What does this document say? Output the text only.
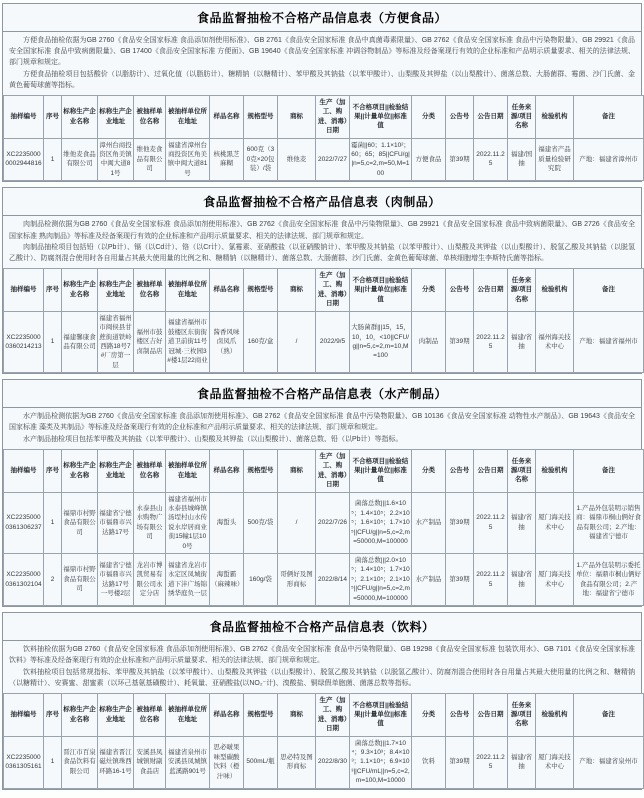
食品监督抽检不合格产品信息表（方便食品）

方便食品抽检依据为GB 2760《食品安全国家标准 食品添加剂使用标准》、GB 2761《食品安全国家标准 食品中真菌毒素限量》、GB 2762《食品安全国家标准 食品中污染物限量》、GB 29921《食品安全国家标准 食品中致病菌限量》、GB 17400《食品安全国家标准 方便面》、GB 19640《食品安全国家标准 冲调谷物制品》等标准及经备案现行有效的企业标准和产品明示质量要求、相关的法律法规、部门规章和规定。

方便食品抽检项目包括酸价（以脂肪计）、过氧化值（以脂肪计）、糖精钠（以糖精计）、苯甲酸及其钠盐（以苯甲酸计）、山梨酸及其钾盐（以山梨酸计）、菌落总数、大肠菌群、霉菌、沙门氏菌、金黄色葡萄球菌等指标。

抽样编号	序号	标称生产企业名称	标称生产企业地址	被抽样单位名称	被抽样单位所在地址	样品名称	规格型号	商标	生产（加工、购进、消毒）日期	不合格项目||检验结果||计量单位||标准值	分类	公告号	公告日期	任务来源/项目名称	检验机构	备注
XC22350000002944816	1	维他麦食品有限公司	漳州台商投资区角美镇中闽大道81号	维他麦食品有限公司	福建省漳州台商投资区角美镇中闽大道81号	核桃黑芝麻糊	600克（30克×20包装）/袋	维他麦	2022/7/27	霉菌||60；1.1×10²；60；65；85||CFU/g||n=5,c=2,m=50,M=100	方便食品	第39期	2022.11.25	福建/国抽	福建省产品质量检验研究院	产地：福建省漳州市
食品监督抽检不合格产品信息表（肉制品）

肉制品检测依据为GB 2760《食品安全国家标准 食品添加剂使用标准》、GB 2762《食品安全国家标准 食品中污染物限量》、GB 29921《食品安全国家标准 食品中致病菌限量》、GB 2726《食品安全国家标准 熟肉制品》等标准及经备案现行有效的企业标准和产品明示质量要求、相关的法律法规、部门规章和规定。

肉制品抽检项目包括铅（以Pb计）、镉（以Cd计）、铬（以Cr计）、氯霉素、亚硝酸盐（以亚硝酸钠计）、苯甲酸及其钠盐（以苯甲酸计）、山梨酸及其钾盐（以山梨酸计）、脱氢乙酸及其钠盐（以脱氢乙酸计）、防腐剂混合使用时各自用量占其最大使用量的比例之和、糖精钠（以糖精计）、菌落总数、大肠菌群、沙门氏菌、金黄色葡萄球菌、单核细胞增生李斯特氏菌等指标。

抽样编号	序号	标称生产企业名称	标称生产企业地址	被抽样单位名称	被抽样单位所在地址	样品名称	规格型号	商标	生产（加工、购进、消毒）日期	不合格项目||检验结果||计量单位||标准值	分类	公告号	公告日期	任务来源/项目名称	检验机构	备注
XC22350000360214213	1	福建馨康食品有限公司	福建省福州市闽侯县甘蔗街道铁岭西路18号7#厂房第一层	福州市鼓楼区吉好卤制品店	福建省福州市鼓楼区东街街道卫前街11号冠城·三枚园3#楼1层22商业	酱香风味卤凤爪（熟）	160克/盒	/	2022/9/5	大肠菌群|||15，15，10，10，<10||CFU/g||n=5,c=2,m=10,M=100	肉制品	第39期	2022.11.25	福建/省抽	福州海关技术中心	产地：福建省福州市
食品监督抽检不合格产品信息表（水产制品）

水产制品检测依据为GB 2760《食品安全国家标准 食品添加剂使用标准》、GB 2762《食品安全国家标准 食品中污染物限量》、GB 10136《食品安全国家标准 动物性水产制品》、GB 19643《食品安全国家标准 藻类及其制品》等标准及经备案现行有效的企业标准和产品明示质量要求、相关的法律法规、部门规章和规定。

水产制品抽检项目包括苯甲酸及其钠盐（以苯甲酸计）、山梨酸及其钾盐（以山梨酸计）、菌落总数、铅（以Pb计）等指标。

抽样编号	序号	标称生产企业名称	标称生产企业地址	被抽样单位名称	被抽样单位所在地址	样品名称	规格型号	商标	生产（加工、购进、消毒）日期	不合格项目||检验结果||计量单位||标准值	分类	公告号	公告日期	任务来源/项目名称	检验机构	备注
XC22350000361306237	1	福鼎市村野食品有限公司	福建省宁德市福鼎市兴达路17号	永泰县山水购物广场有限公司	福建省福州市永泰县城峰镇汤埕村山水传说水岸居商业街15幢1层100号	海蜇头	500克/袋	/	2022/7/26	菌落总数|||1.6×10⁵；1.4×10⁵；2.2×10⁵；1.6×10⁵；1.7×10⁵||CFU/g||n=5,c=2,m=50000,M=100000	水产制品	第39期	2022.11.25	福建/省抽	厦门海关技术中心	1.产品外包装明示销售商：福鼎市桐山俩好食品有限公司；2.产地：福建省宁德市
XC22350000361302104	2	福鼎市村野食品有限公司	福建省宁德市福鼎市兴达路17号一号楼2层	龙岩市博凯贸易有限公司永定分店	福建省龙岩市永定区凤城街道下沣广场锦绣华庭负一层	海蜇霸（麻辣味）	160g/袋	哥俩好及图形商标	2022/8/14	菌落总数|||2.0×10⁵；1.4×10⁵；1.7×10⁵；2.1×10⁵；2.1×10⁵||CFU/g||n=5,c=2,m=50000,M=100000	水产制品	第39期	2022.11.25	福建/省抽	厦门海关技术中心	1.产品外包装明示委托单位：福鼎市桐山俩好食品有限公司；2.产地：福建省宁德市
食品监督抽检不合格产品信息表（饮料）

饮料抽检依据为GB 2760《食品安全国家标准 食品添加剂使用标准》、GB 2762《食品安全国家标准 食品中污染物限量》、GB 19298《食品安全国家标准 包装饮用水》、GB 7101《食品安全国家标准 饮料》等标准及经备案现行有效的企业标准和产品明示质量要求、相关的法律法规、部门规章和规定。

饮料抽检项目包括常规指标、苯甲酸及其钠盐（以苯甲酸计）、山梨酸及其钾盐（以山梨酸计）、脱氢乙酸及其钠盐（以脱氢乙酸计）、防腐剂混合使用时各自用量占其最大使用量的比例之和、糖精钠（以糖精计）、安赛蜜、甜蜜素（以环己基氨基磺酸计）、耗氧量、亚硝酸盐(以NO₂⁻计)、溴酸盐、铜绿假单胞菌、菌落总数等指标。

抽样编号	序号	标称生产企业名称	标称生产企业地址	被抽样单位名称	被抽样单位所在地址	样品名称	规格型号	商标	生产（加工、购进、消毒）日期	不合格项目||检验结果||计量单位||标准值	分类	公告号	公告日期	任务来源/项目名称	检验机构	备注
XC22350000361305161	1	晋江市百泉食品饮料有限公司	福建省晋江磁灶镇珠西环路16-1号	安溪县凤城镇财副食品店	福建省泉州市安溪县凤城镇蓝溪路901号	思必啵果味型碳酸饮料（橙汁味）	500mL/瓶	思必特及图形商标	2022/8/30	菌落总数|||1.7×10⁴；9.3×10³；8.4×10³；1.1×10⁴；6.9×10³||CFU/mL||n=5,c=2,m=100,M=10000	饮料	第39期	2022.11.25	福建/省抽	厦门海关技术中心	产地：福建省泉州市
